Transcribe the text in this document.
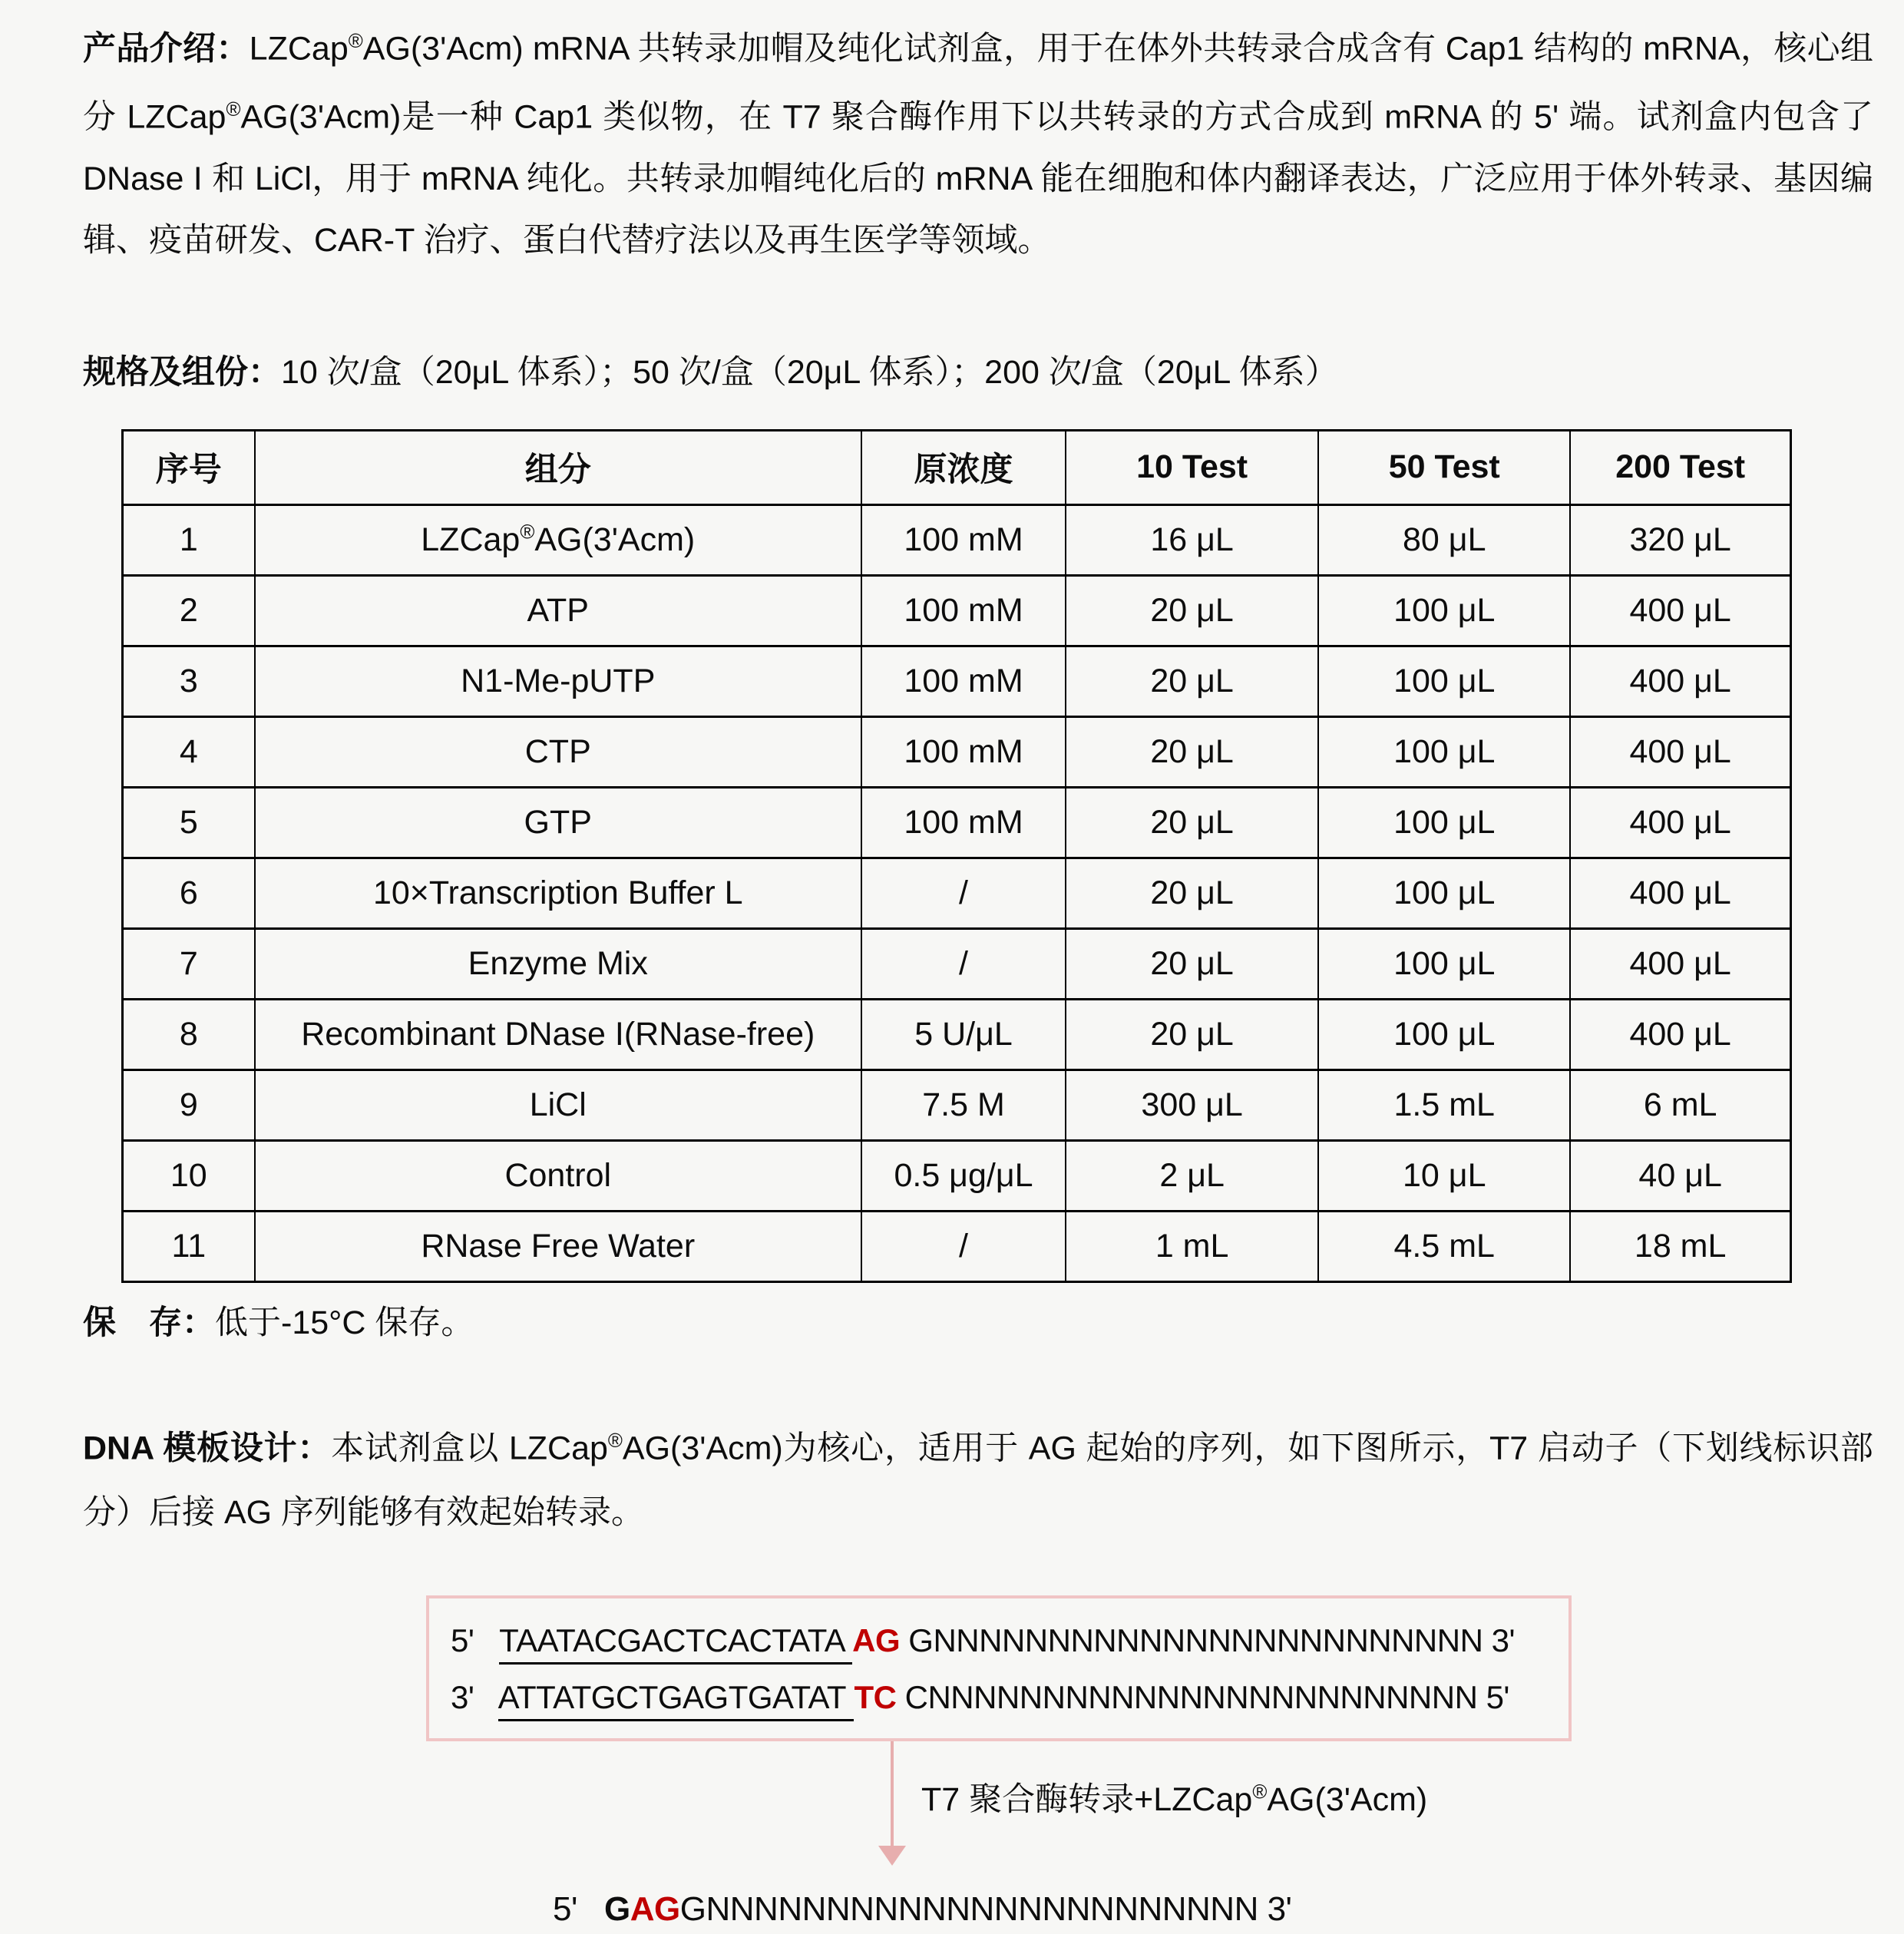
产品介绍：LZCap®AG(3'Acm) mRNA 共转录加帽及纯化试剂盒，用于在体外共转录合成含有 Cap1 结构的 mRNA，核心组分 LZCap®AG(3'Acm)是一种 Cap1 类似物，在 T7 聚合酶作用下以共转录的方式合成到 mRNA 的 5' 端。试剂盒内包含了 DNase I 和 LiCl，用于 mRNA 纯化。共转录加帽纯化后的 mRNA 能在细胞和体内翻译表达，广泛应用于体外转录、基因编辑、疫苗研发、CAR-T 治疗、蛋白代替疗法以及再生医学等领域。

规格及组份：10 次/盒（20μL 体系）；50 次/盒（20μL 体系）；200 次/盒（20μL 体系）

序号	组分	原浓度	10 Test	50 Test	200 Test
1	LZCap®AG(3'Acm)	100 mM	16 μL	80 μL	320 μL
2	ATP	100 mM	20 μL	100 μL	400 μL
3	N1-Me-pUTP	100 mM	20 μL	100 μL	400 μL
4	CTP	100 mM	20 μL	100 μL	400 μL
5	GTP	100 mM	20 μL	100 μL	400 μL
6	10×Transcription Buffer L	/	20 μL	100 μL	400 μL
7	Enzyme Mix	/	20 μL	100 μL	400 μL
8	Recombinant DNase I(RNase-free)	5 U/μL	20 μL	100 μL	400 μL
9	LiCl	7.5 M	300 μL	1.5 mL	6 mL
10	Control	0.5 μg/μL	2 μL	10 μL	40 μL
11	RNase Free Water	/	1 mL	4.5 mL	18 mL

保　存：低于-15°C 保存。

DNA 模板设计：本试剂盒以 LZCap®AG(3'Acm)为核心，适用于 AG 起始的序列，如下图所示，T7 启动子（下划线标识部分）后接 AG 序列能够有效起始转录。

5'   TAATACGACTCACTATA AG GNNNNNNNNNNNNNNNNNNNNNNNN 3'
3'   ATTATGCTGAGTGATAT TC CNNNNNNNNNNNNNNNNNNNNNNNN 5'
T7 聚合酶转录+LZCap®AG(3'Acm)
5'   GAGGNNNNNNNNNNNNNNNNNNNNNNN 3'
